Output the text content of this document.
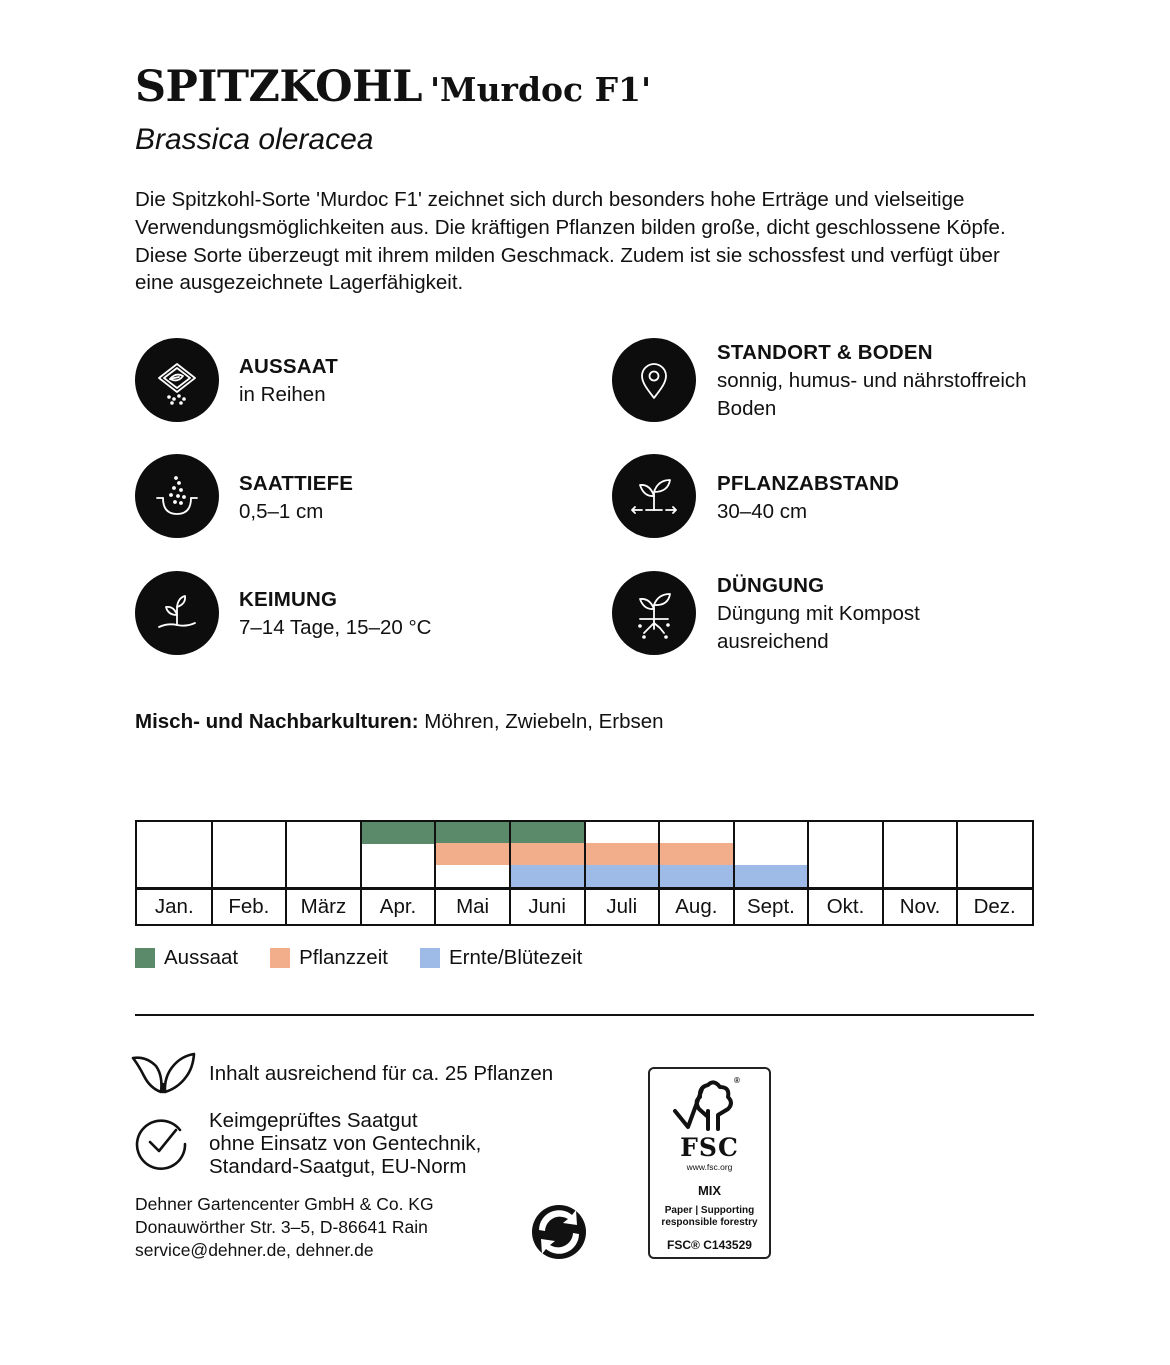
SPITZKOHL 'Murdoc F1'
Brassica oleracea
Die Spitzkohl-Sorte 'Murdoc F1' zeichnet sich durch besonders hohe Erträge und vielseitige Verwendungsmöglichkeiten aus. Die kräftigen Pflanzen bilden große, dicht geschlossene Köpfe. Diese Sorte überzeugt mit ihrem milden Geschmack. Zudem ist sie schossfest und verfügt über eine ausgezeichnete Lagerfähigkeit.
AUSSAAT
in Reihen
STANDORT & BODEN
sonnig, humus- und nährstoffreich
Boden
SAATTIEFE
0,5–1 cm
PFLANZABSTAND
30–40 cm
KEIMUNG
7–14 Tage, 15–20 °C
DÜNGUNG
Düngung mit Kompost
ausreichend
Misch- und Nachbarkulturen: Möhren, Zwiebeln, Erbsen
Jan.	Feb.	März	Apr.	Mai	Juni	Juli	Aug.	Sept.	Okt.	Nov.	Dez.
Aussaat	Pflanzzeit	Ernte/Blütezeit
Inhalt ausreichend für ca. 25 Pflanzen
Keimgeprüftes Saatgut
ohne Einsatz von Gentechnik,
Standard-Saatgut, EU-Norm
Dehner Gartencenter GmbH & Co. KG
Donauwörther Str. 3–5, D-86641 Rain
service@dehner.de, dehner.de
®
FSC
www.fsc.org
MIX
Paper | Supporting
responsible forestry
FSC® C143529
